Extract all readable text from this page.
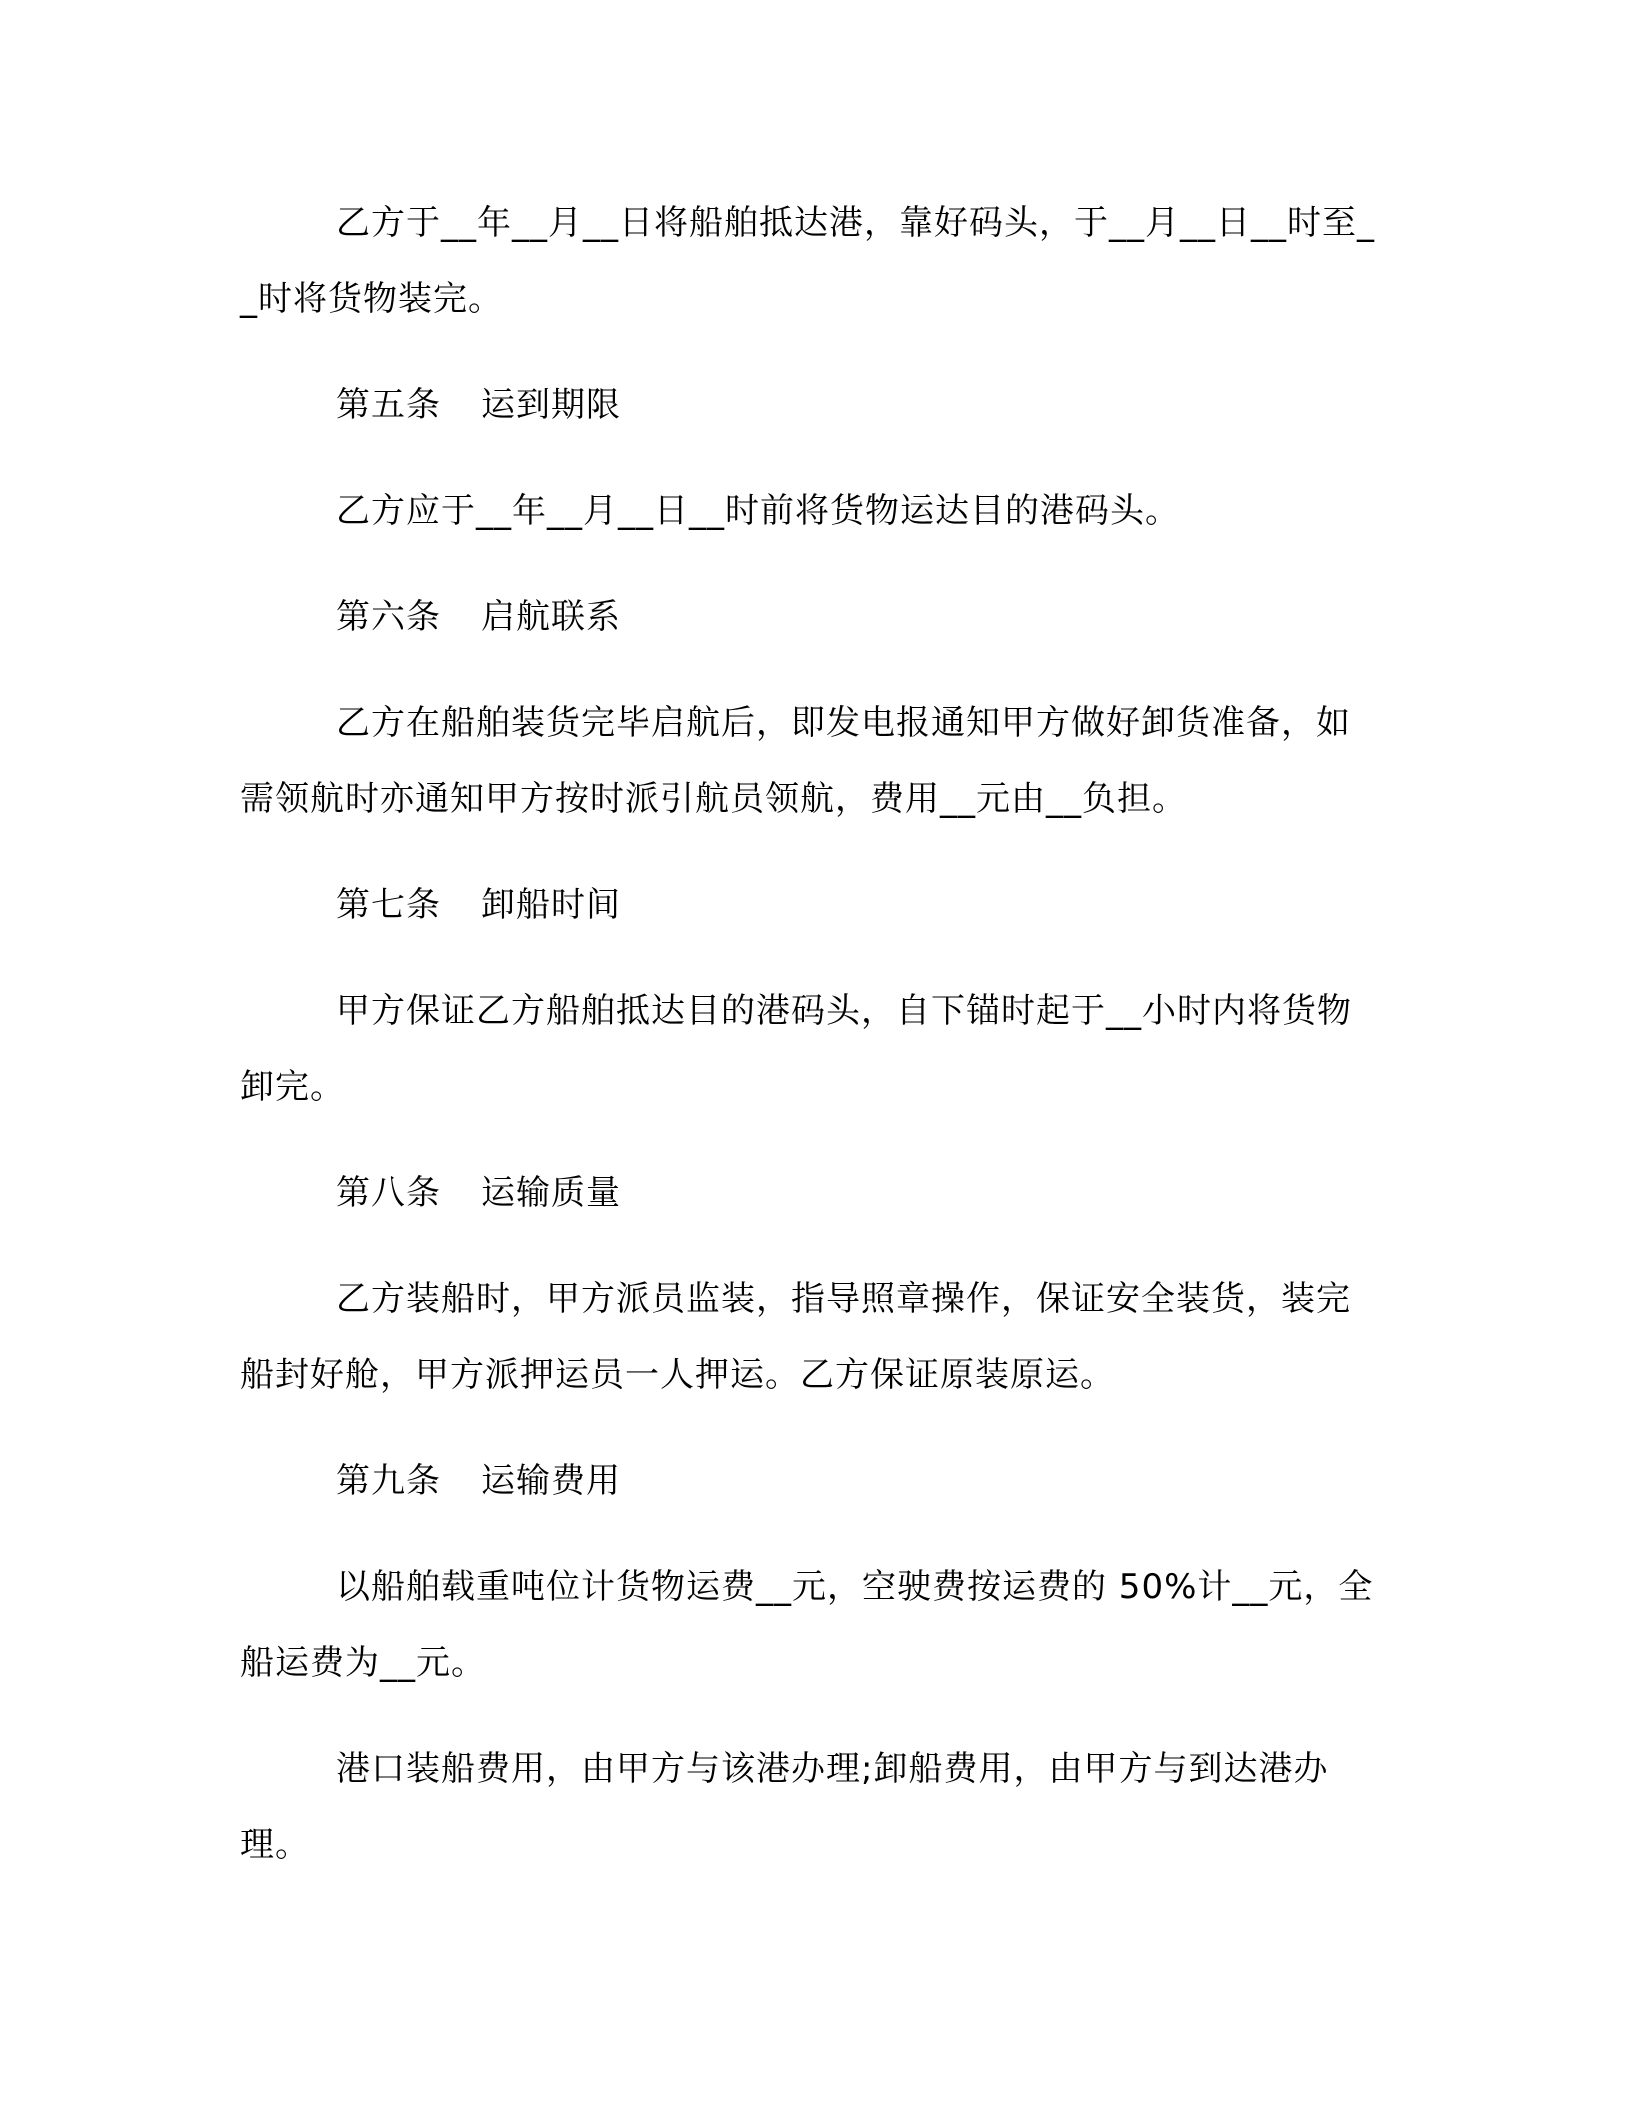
乙方于__年__月__日将船舶抵达港，靠好码头，于__月__日__时至__时将货物装完。

第五条 运到期限

乙方应于__年__月__日__时前将货物运达目的港码头。

第六条 启航联系

乙方在船舶装货完毕启航后，即发电报通知甲方做好卸货准备，如需领航时亦通知甲方按时派引航员领航，费用__元由__负担。

第七条 卸船时间

甲方保证乙方船舶抵达目的港码头，自下锚时起于__小时内将货物卸完。

第八条 运输质量

乙方装船时，甲方派员监装，指导照章操作，保证安全装货，装完船封好舱，甲方派押运员一人押运。乙方保证原装原运。

第九条 运输费用

以船舶载重吨位计货物运费__元，空驶费按运费的 50%计__元，全船运费为__元。

港口装船费用，由甲方与该港办理;卸船费用，由甲方与到达港办理。
